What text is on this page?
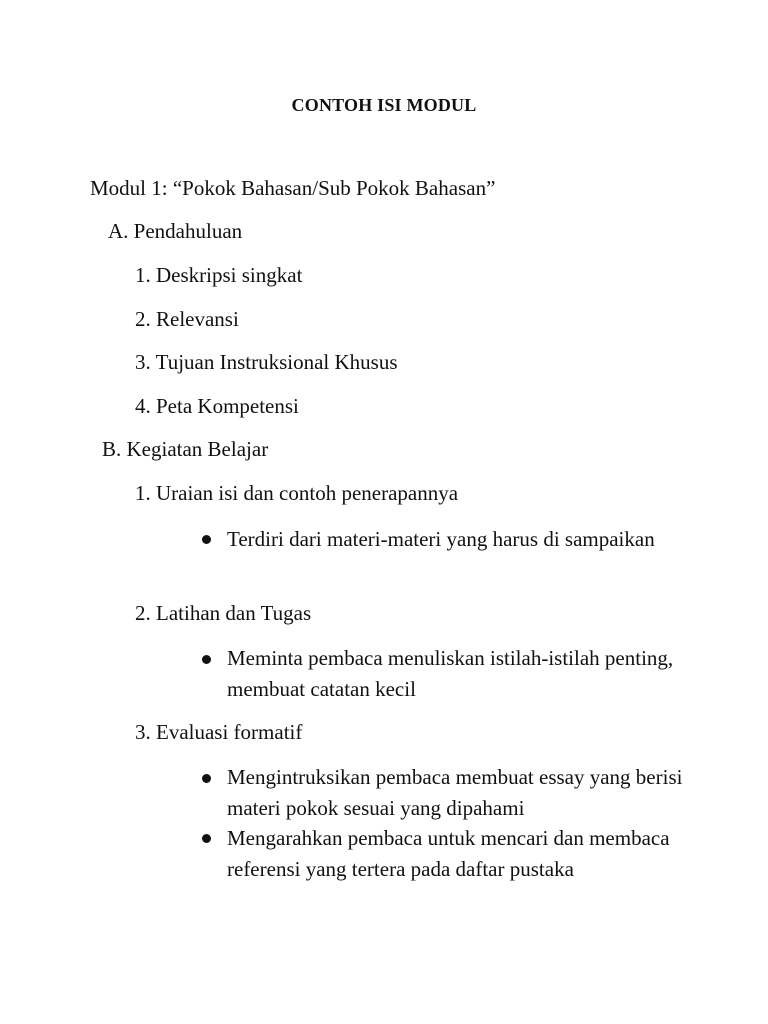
CONTOH ISI MODUL
Modul 1: “Pokok Bahasan/Sub Pokok Bahasan”
A. Pendahuluan
1. Deskripsi singkat
2. Relevansi
3. Tujuan Instruksional Khusus
4. Peta Kompetensi
B. Kegiatan Belajar
1. Uraian isi dan contoh penerapannya
Terdiri dari materi-materi yang harus di sampaikan
2. Latihan dan Tugas
Meminta pembaca menuliskan istilah-istilah penting, membuat catatan kecil
3. Evaluasi formatif
Mengintruksikan pembaca membuat essay yang berisi materi pokok sesuai yang dipahami
Mengarahkan pembaca untuk mencari dan membaca referensi yang tertera pada daftar pustaka
